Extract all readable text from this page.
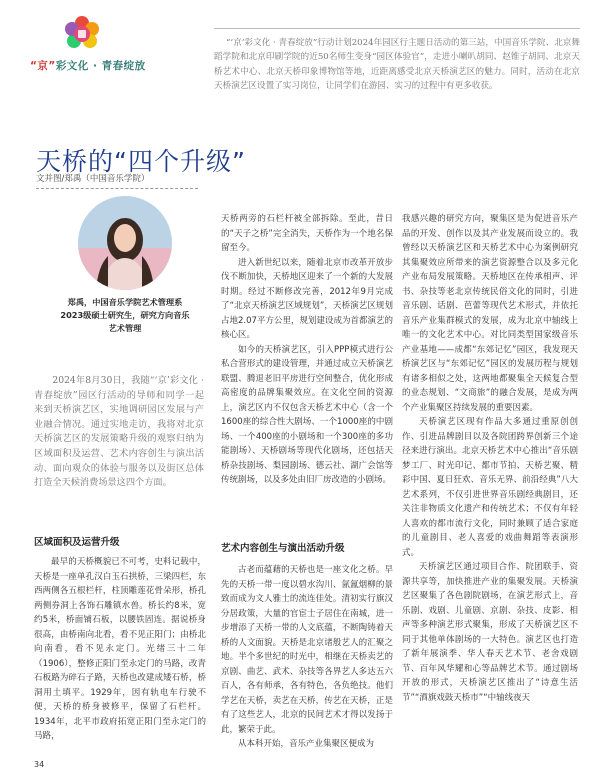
“京”彩文化 · 青春绽放
“‘京’彩文化 · 青春绽放”行动计划2024年园区行主题日活动的第三站，中国音乐学院、北京舞蹈学院和北京印刷学院的近50名师生变身“园区体验官”，走进小喇叭胡同、赵锥子胡同、北京天桥艺术中心、北京天桥印象博物馆等地，近距离感受北京天桥演艺区的魅力。同时，活动在北京天桥演艺区设置了实习岗位，让同学们在游园、实习的过程中有更多收获。
天桥的“四个升级”
文并图/郑禹（中国音乐学院）
郑禹，中国音乐学院艺术管理系2023级硕士研究生，研究方向音乐艺术管理

2024年8月30日，我随“‘京’彩文化 · 青春绽放”园区行活动的导师和同学一起来到天桥演艺区，实地调研园区发展与产业融合情况。通过实地走访，我将对北京天桥演艺区的发展策略升级的观察归纳为区域面积及运营、艺术内容创生与演出活动、面向观众的体验与服务以及街区总体打造全天候消费场景这四个方面。

区域面积及运营升级

最早的天桥概貌已不可考，史料记载中，天桥是一座单孔汉白玉石拱桥，三梁四栏，东西两侧各五根栏杆，柱顶雕莲花骨朵形，桥孔两侧券洞上各饰石雕镇水兽。桥长约8米，宽约5米，桥面铺石板，以腰铁固连。据说桥身很高，由桥南向北看，看不见正阳门；由桥北向南看，看不见永定门。光绪三十二年（1906），整修正阳门至永定门的马路，改青石板路为碎石子路，天桥也改建成矮石桥，桥洞用土填平。1929年，因有轨电车行驶不便，天桥的桥身被修平，保留了石栏杆。1934年，北平市政府拓宽正阳门至永定门的马路，

天桥两旁的石栏杆被全部拆除。至此，昔日的“天子之桥”完全消失，天桥作为一个地名保留至今。

进入新世纪以来，随着北京市改革开放步伐不断加快，天桥地区迎来了一个新的大发展时期。经过不断修改完善，2012年9月完成了“北京天桥演艺区域规划”，天桥演艺区规划占地2.07平方公里，规划建设成为首都演艺的核心区。

如今的天桥演艺区，引入PPP模式进行公私合营形式的建设管理，并通过成立天桥演艺联盟、腾退老旧平房进行空间整合，优化形成高密度的品牌集聚效应。在文化空间的资源上，演艺区内不仅包含天桥艺术中心（含一个1600座的综合性大剧场、一个1000座的中剧场、一个400座的小剧场和一个300座的多功能剧场）、天桥剧场等现代化剧场，还包括天桥杂技剧场、梨园剧场、德云社、湖广会馆等传统剧场，以及多处由旧厂房改造的小剧场。

艺术内容创生与演出活动升级

古老而蕴藉的天桥也是一座文化之桥。早先的天桥一带一度以碧水沟川、氤氲烟柳的景致而成为文人雅士的流连佳处。清初实行旗汉分居政策，大量的官宦士子居住在南城，进一步增添了天桥一带的人文底蕴，不断陶铸着天桥的人文面貌。天桥是北京诸般艺人的汇聚之地。半个多世纪的时光中，相继在天桥卖艺的京剧、曲艺、武术、杂技等各界艺人多达五六百人，各有师承，各有特色，各负绝技。他们学艺在天桥，卖艺在天桥，传艺在天桥，正是有了这些艺人，北京的民间艺术才得以发扬于此，繁荣于此。

从本科开始，音乐产业集聚区便成为

我感兴趣的研究方向，聚集区是为促进音乐产品的开发、创作以及其产业发展而设立的。我曾经以天桥演艺区和天桥艺术中心为案例研究其集聚效应所带来的演艺资源整合以及多元化产业布局发展策略。天桥地区在传承相声、评书、杂技等老北京传统民俗文化的同时，引进音乐剧、话剧、芭蕾等现代艺术形式，并依托音乐产业集群模式的发展，成为北京中轴线上唯一的文化艺术中心。对比同类型国家级音乐产业基地——成都“东郊记忆”园区，我发现天桥演艺区与“东郊记忆”园区的发展历程与规划有诸多相似之处，这两地都聚集全天候复合型的业态规划、“文商旅”的融合发展，是成为两个产业集聚区持续发展的重要因素。

天桥演艺区现有作品大多通过重原创创作、引进品牌剧目以及各院团跨界创新三个途径来进行演出。北京天桥艺术中心推出“音乐剧梦工厂、时光印记、都市节拍、天桥艺聚、精彩中国、夏日狂欢、音乐无界、前沿经典”八大艺术系列，不仅引进世界音乐剧经典剧目，还关注非物质文化遗产和传统艺术；不仅有年轻人喜欢的都市流行文化，同时兼顾了适合家庭的儿童剧目、老人喜爱的戏曲舞蹈等表演形式。

天桥演艺区通过项目合作、院团联手、资源共享等，加快推进产业的集聚发展。天桥演艺区聚集了各色剧院剧场，在演艺形式上，音乐剧、戏剧、儿童剧、京剧、杂技、皮影、相声等多种演艺形式聚集，形成了天桥演艺区不同于其他单体剧场的一大特色。演艺区也打造了新年展演季、华人春天艺术节、老舍戏剧节、百年风华耀和心等品牌艺术节。通过剧场开放的形式，天桥演艺区推出了“诗意生活节”“酒旗戏鼓天桥市”“中轴线夜天

34
